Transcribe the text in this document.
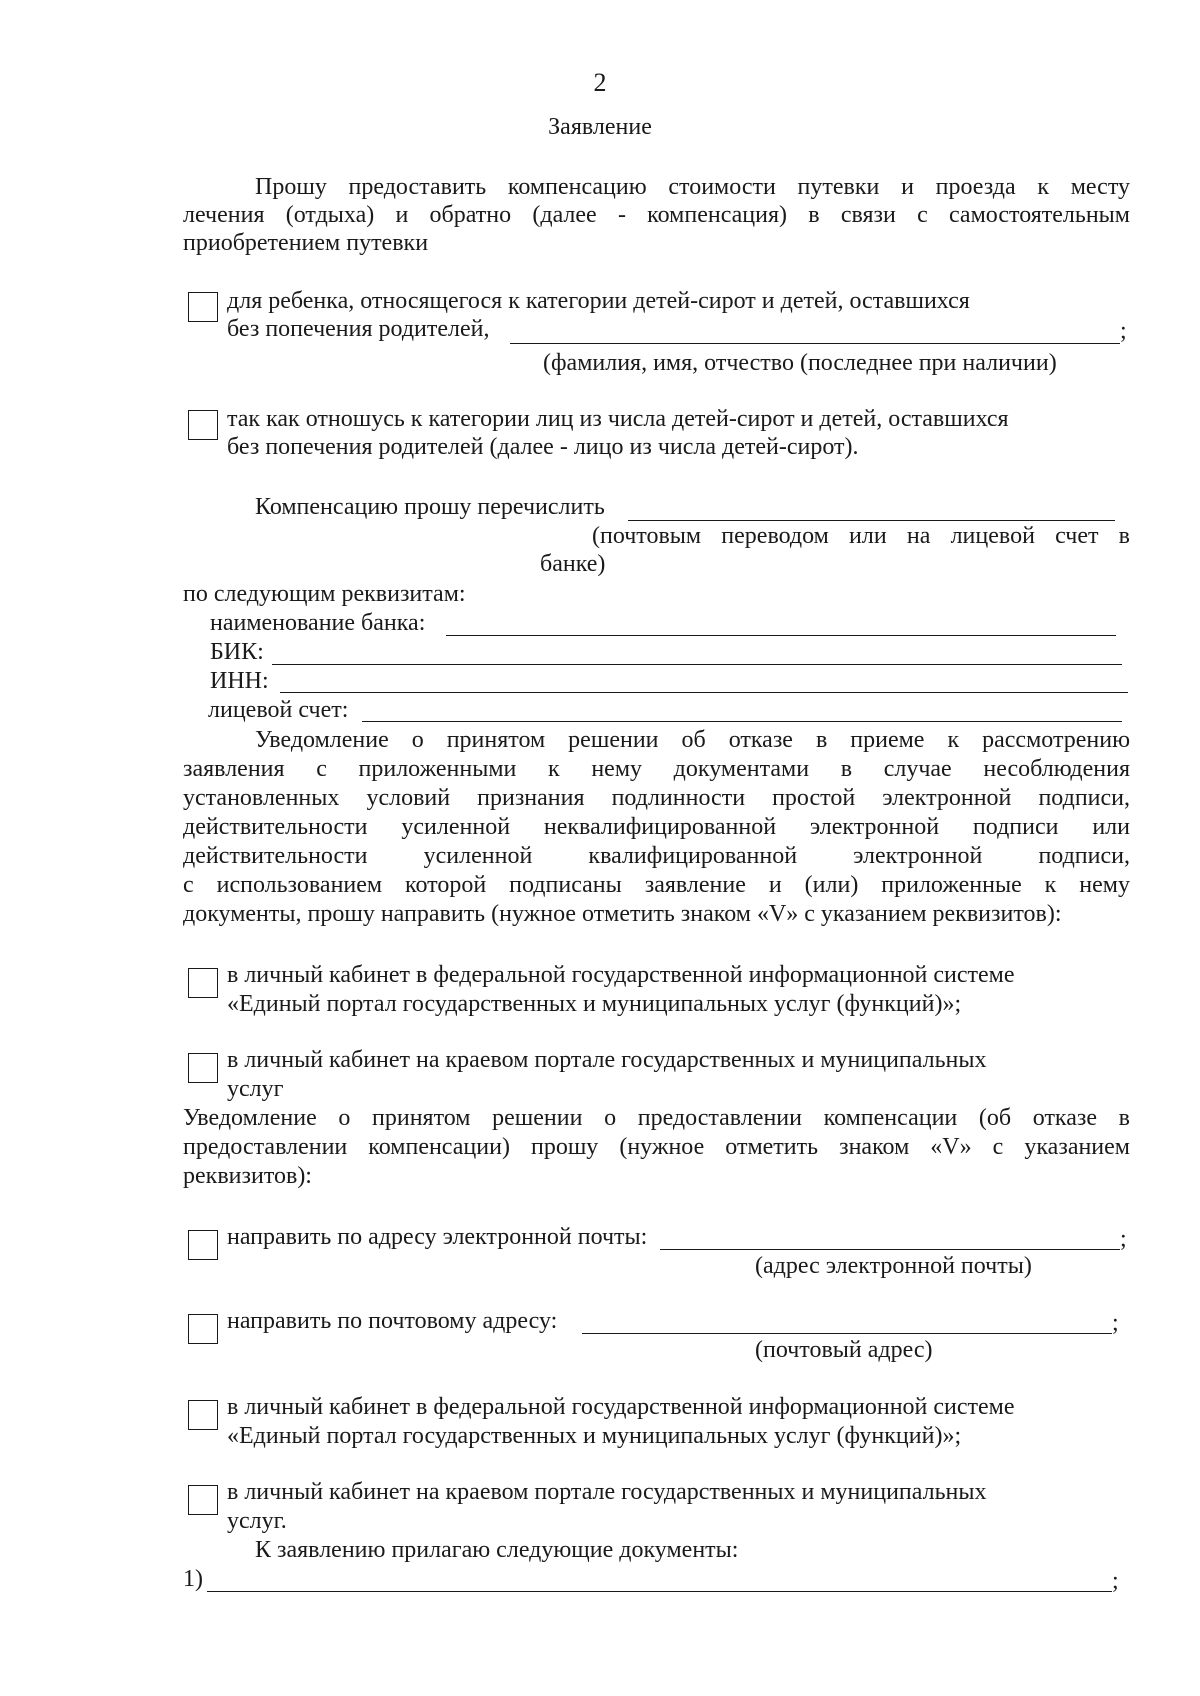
2
Заявление
Прошу предоставить компенсацию стоимости путевки и проезда к месту
лечения (отдыха) и обратно (далее - компенсация) в связи с самостоятельным
приобретением путевки
для ребенка, относящегося к категории детей-сирот и детей, оставшихся
без попечения родителей,	;
(фамилия, имя, отчество (последнее при наличии)
так как отношусь к категории лиц из числа детей-сирот и детей, оставшихся
без попечения родителей (далее - лицо из числа детей-сирот).
Компенсацию прошу перечислить
(почтовым переводом или на лицевой счет в
банке)
по следующим реквизитам:
наименование банка:
БИК:
ИНН:
лицевой счет:
Уведомление о принятом решении об отказе в приеме к рассмотрению
заявления с приложенными к нему документами в случае несоблюдения
установленных условий признания подлинности простой электронной подписи,
действительности усиленной неквалифицированной электронной подписи или
действительности усиленной квалифицированной электронной подписи,
с использованием которой подписаны заявление и (или) приложенные к нему
документы, прошу направить (нужное отметить знаком «V» с указанием реквизитов):
в личный кабинет в федеральной государственной информационной системе
«Единый портал государственных и муниципальных услуг (функций)»;
в личный кабинет на краевом портале государственных и муниципальных
услуг
Уведомление о принятом решении о предоставлении компенсации (об отказе в
предоставлении компенсации) прошу (нужное отметить знаком «V» с указанием
реквизитов):
направить по адресу электронной почты:	;
(адрес электронной почты)
направить по почтовому адресу:	;
(почтовый адрес)
в личный кабинет в федеральной государственной информационной системе
«Единый портал государственных и муниципальных услуг (функций)»;
в личный кабинет на краевом портале государственных и муниципальных
услуг.
К заявлению прилагаю следующие документы:
1)	;
